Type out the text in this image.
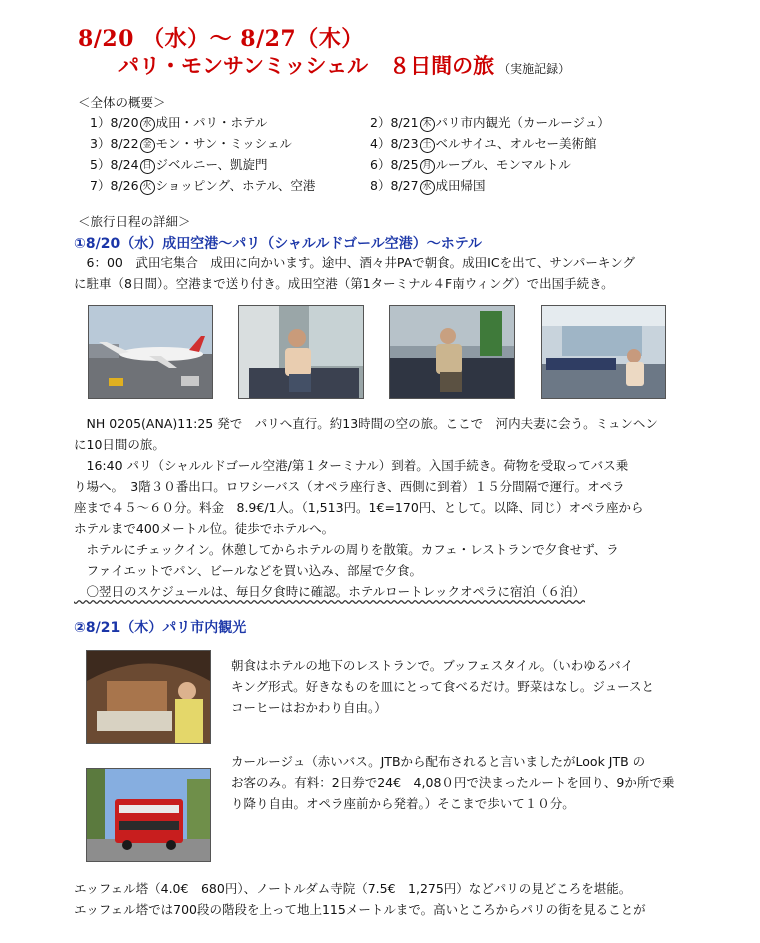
8/20 （水）～ 8/27（木）
パリ・モンサンミッシェル　８日間の旅 （実施記録）
＜全体の概要＞
1）8/20 水 成田・パリ・ホテル	2）8/21 木 パリ市内観光（カールージュ）
3）8/22 金 モン・サン・ミッシェル	4）8/23 土 ベルサイユ、オルセー美術館
5）8/24 日 ジベルニー、凱旋門	6）8/25 月 ルーブル、モンマルトル
7）8/26 火 ショッピング、ホテル、空港	8）8/27 水 成田帰国
＜旅行日程の詳細＞
①8/20（水）成田空港～パリ（シャルルドゴール空港）～ホテル

　6：00　武田宅集合　成田に向かいます。途中、酒々井PAで朝食。成田ICを出て、サンパーキング

に駐車（8日間）。空港まで送り付き。成田空港（第1ターミナル４F南ウィング）で出国手続き。

　NH 0205(ANA)11:25 発で　パリへ直行。約13時間の空の旅。ここで　河内夫妻に会う。ミュンヘン

に10日間の旅。

　16:40 パリ（シャルルドゴール空港/第１ターミナル）到着。入国手続き。荷物を受取ってバス乗

り場へ。　3階３０番出口。ロワシーバス（オペラ座行き、西側に到着）１５分間隔で運行。オペラ

座まで４５～６０分。料金　8.9€/1人。（1,513円。1€=170円、として。以降、同じ）オペラ座から

ホテルまで400メートル位。徒歩でホテルへ。

　ホテルにチェックイン。休憩してからホテルの周りを散策。カフェ・レストランで夕食せず、ラ

　ファイエットでパン、ビールなどを買い込み、部屋で夕食。

　〇翌日のスケジュールは、毎日夕食時に確認。ホテルロートレックオペラに宿泊（６泊）

②8/21（木）パリ市内観光

朝食はホテルの地下のレストランで。ブッフェスタイル。（いわゆるバイ

キング形式。好きなものを皿にとって食べるだけ。野菜はなし。ジュースと

コーヒーはおかわり自由。）

カールージュ（赤いバス。JTBから配布されると言いましたがLook JTB の

お客のみ。有料：2日券で24€　4,08０円で決まったルートを回り、9か所で乗

り降り自由。オペラ座前から発着。）そこまで歩いて１０分。

エッフェル塔（4.0€　680円）、ノートルダム寺院（7.5€　1,275円）などパリの見どころを堪能。

エッフェル塔では700段の階段を上って地上115メートルまで。高いところからパリの街を見ることが
